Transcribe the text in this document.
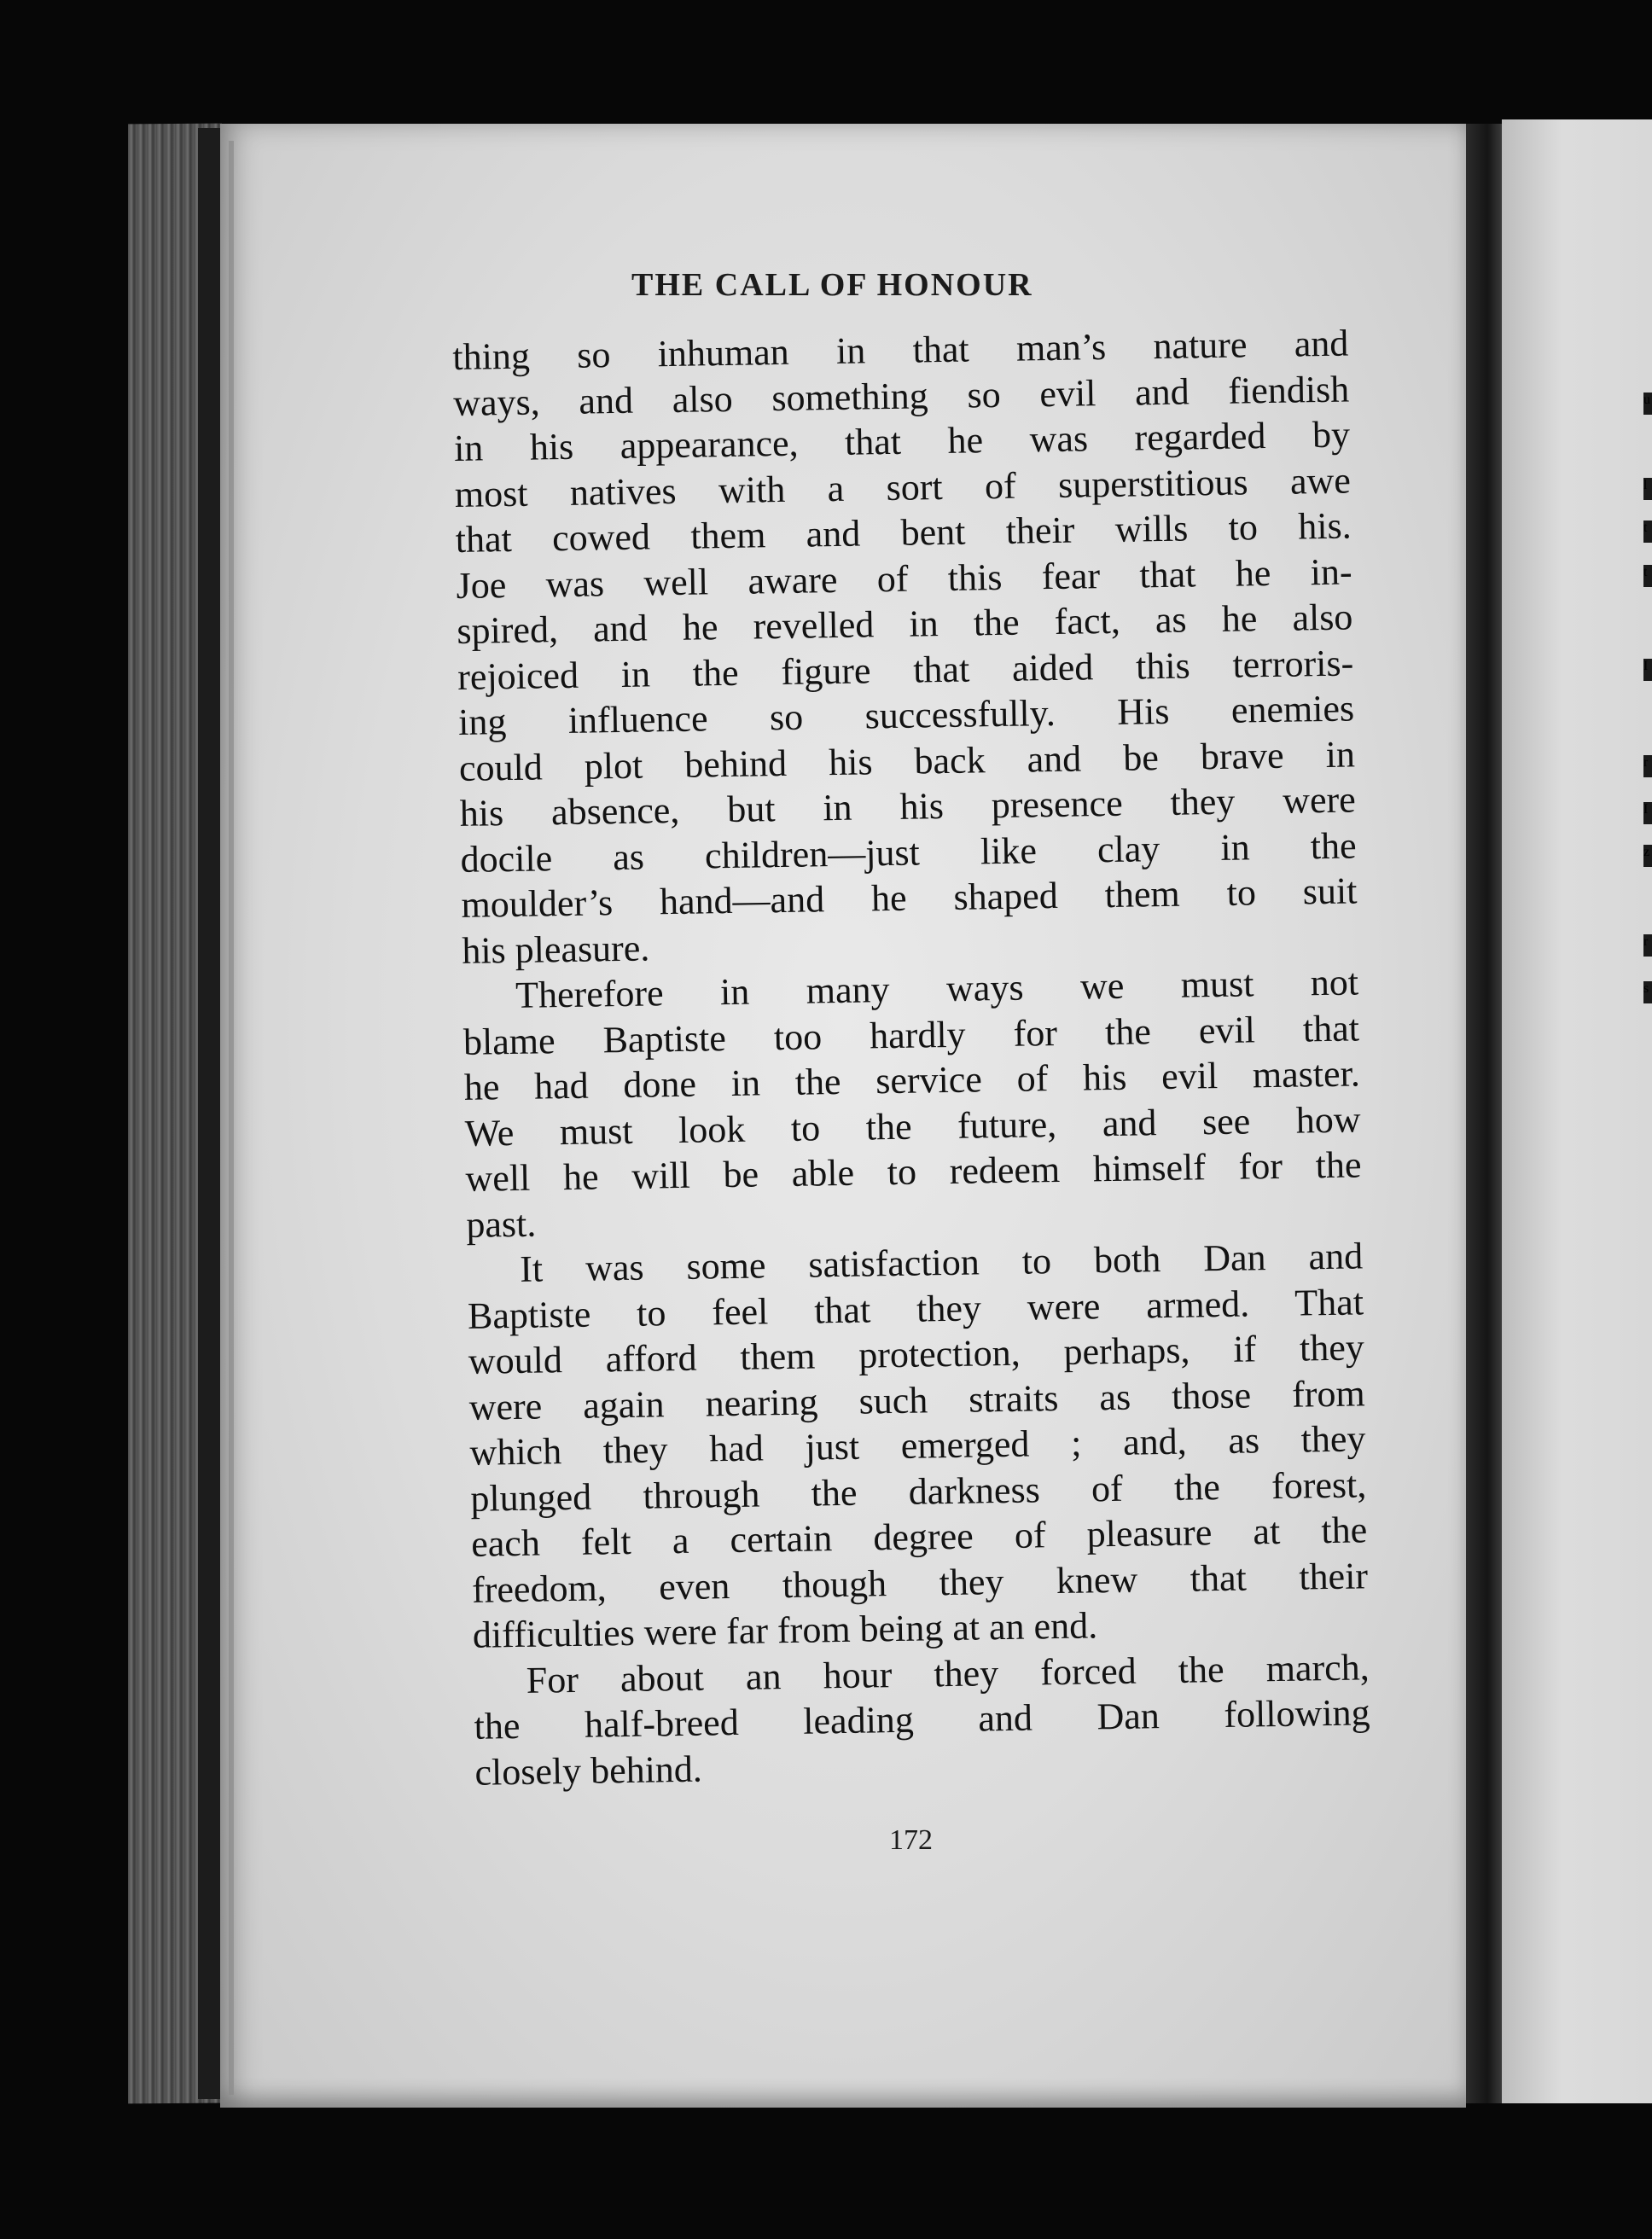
u
l
t
t
I
r
I
z
r
s
THE CALL OF HONOUR
thing so inhuman in that man’s nature and
ways, and also something so evil and fiendish
in his appearance, that he was regarded by
most natives with a sort of superstitious awe
that cowed them and bent their wills to his.
Joe was well aware of this fear that he in-
spired, and he revelled in the fact, as he also
rejoiced in the figure that aided this terroris-
ing influence so successfully. His enemies
could plot behind his back and be brave in
his absence, but in his presence they were
docile as children—just like clay in the
moulder’s hand—and he shaped them to suit
his pleasure.
Therefore in many ways we must not
blame Baptiste too hardly for the evil that
he had done in the service of his evil master.
We must look to the future, and see how
well he will be able to redeem himself for the
past.
It was some satisfaction to both Dan and
Baptiste to feel that they were armed. That
would afford them protection, perhaps, if they
were again nearing such straits as those from
which they had just emerged ; and, as they
plunged through the darkness of the forest,
each felt a certain degree of pleasure at the
freedom, even though they knew that their
difficulties were far from being at an end.
For about an hour they forced the march,
the half-breed leading and Dan following
closely behind.

172
